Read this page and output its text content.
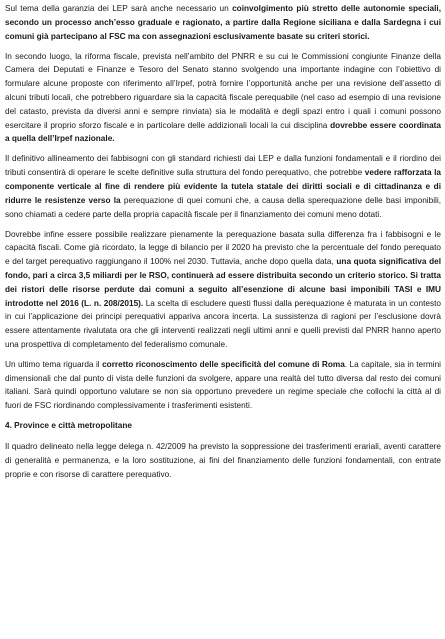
Sul tema della garanzia dei LEP sarà anche necessario un coinvolgimento più stretto delle autonomie speciali, secondo un processo anch’esso graduale e ragionato, a partire dalla Regione siciliana e dalla Sardegna i cui comuni già partecipano al FSC ma con assegnazioni esclusivamente basate su criteri storici.

In secondo luogo, la riforma fiscale, prevista nell’ambito del PNRR e su cui le Commissioni congiunte Finanze della Camera dei Deputati e Finanze e Tesoro del Senato stanno svolgendo una importante indagine con l’obiettivo di formulare alcune proposte con riferimento all’Irpef, potrà fornire l’opportunità anche per una revisione dell’assetto di alcuni tributi locali, che potrebbero riguardare sia la capacità fiscale perequabile (nel caso ad esempio di una revisione del catasto, prevista da diversi anni e sempre rinviata) sia le modalità e degli spazi entro i quali i comuni possono esercitare il proprio sforzo fiscale e in particolare delle addizionali locali la cui disciplina dovrebbe essere coordinata a quella dell’Irpef nazionale.

Il definitivo allineamento dei fabbisogni con gli standard richiesti dai LEP e dalla funzioni fondamentali e il riordino dei tributi consentirà di operare le scelte definitive sulla struttura del fondo perequativo, che potrebbe vedere rafforzata la componente verticale al fine di rendere più evidente la tutela statale dei diritti sociali e di cittadinanza e di ridurre le resistenze verso la perequazione di quei comuni che, a causa della sperequazione delle basi imponibili, sono chiamati a cedere parte della propria capacità fiscale per il finanziamento dei comuni meno dotati.

Dovrebbe infine essere possibile realizzare pienamente la perequazione basata sulla differenza fra i fabbisogni e le capacità fiscali. Come già ricordato, la legge di bilancio per il 2020 ha previsto che la percentuale del fondo perequato e del target perequativo raggiungano il 100% nel 2030. Tuttavia, anche dopo quella data, una quota significativa del fondo, pari a circa 3,5 miliardi per le RSO, continuerà ad essere distribuita secondo un criterio storico. Si tratta dei ristori delle risorse perdute dai comuni a seguito all’esenzione di alcune basi imponibili TASI e IMU introdotte nel 2016 (L. n. 208/2015). La scelta di escludere questi flussi dalla perequazione è maturata in un contesto in cui l’applicazione dei principi perequativi appariva ancora incerta. La sussistenza di ragioni per l’esclusione dovrà essere attentamente rivalutata ora che gli interventi realizzati negli ultimi anni e quelli previsti dal PNRR hanno aperto una prospettiva di completamento del federalismo comunale.

Un ultimo tema riguarda il corretto riconoscimento delle specificità del comune di Roma. La capitale, sia in termini dimensionali che dal punto di vista delle funzioni da svolgere, appare una realtà del tutto diversa dal resto dei comuni italiani. Sarà quindi opportuno valutare se non sia opportuno prevedere un regime speciale che collochi la città al di fuori de FSC riordinando complessivamente i trasferimenti esistenti.

4. Province e città metropolitane

Il quadro delineato nella legge delega n. 42/2009 ha previsto la soppressione dei trasferimenti erariali, aventi carattere di generalità e permanenza, e la loro sostituzione, ai fini del finanziamento delle funzioni fondamentali, con entrate proprie e con risorse di carattere perequativo.
